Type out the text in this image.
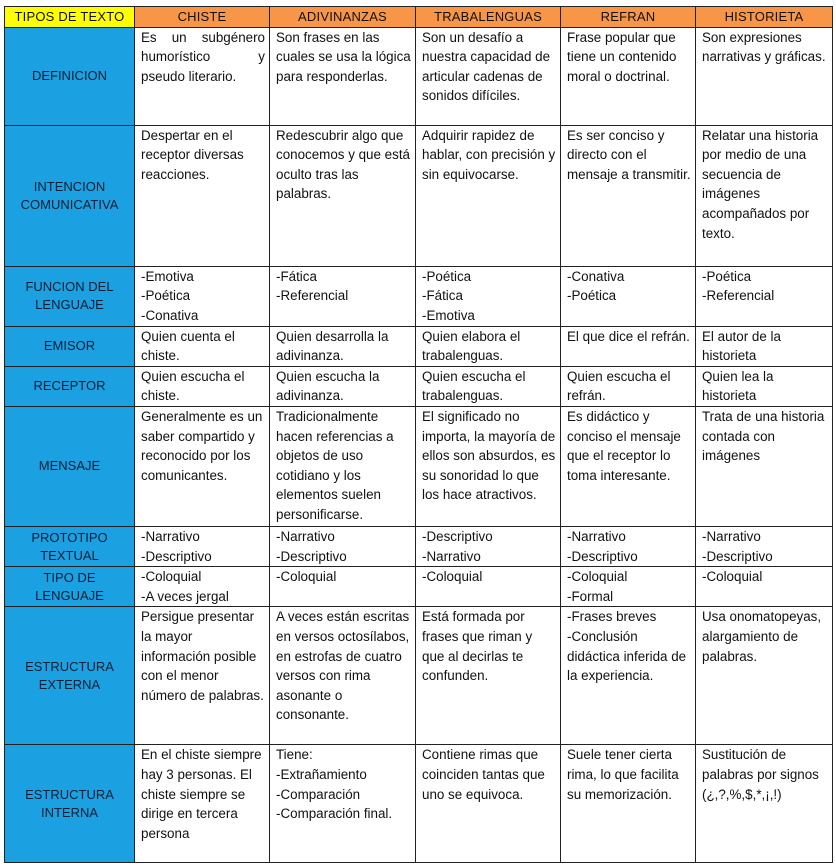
TIPOS DE TEXTO	CHISTE	ADIVINANZAS	TRABALENGUAS	REFRAN	HISTORIETA

DEFINICION	Es un subgénero humorístico y pseudo literario.	Son frases en las cuales se usa la lógica para responderlas.	Son un desafío a nuestra capacidad de articular cadenas de sonidos difíciles.	Frase popular que tiene un contenido moral o doctrinal.	Son expresiones narrativas y gráficas.

INTENCION
COMUNICATIVA	Despertar en el receptor diversas reacciones.	Redescubrir algo que conocemos y que está oculto tras las palabras.	Adquirir rapidez de hablar, con precisión y sin equivocarse.	Es ser conciso y directo con el mensaje a transmitir.	Relatar una historia por medio de una secuencia de imágenes acompañados por texto.

FUNCION DEL
LENGUAJE	-Emotiva
-Poética
-Conativa	-Fática
-Referencial	-Poética
-Fática
-Emotiva	-Conativa
-Poética	-Poética
-Referencial

EMISOR	Quien cuenta el chiste.	Quien desarrolla la adivinanza.	Quien elabora el trabalenguas.	El que dice el refrán.	El autor de la historieta

RECEPTOR	Quien escucha el chiste.	Quien escucha la adivinanza.	Quien escucha el trabalenguas.	Quien escucha el refrán.	Quien lea la historieta

MENSAJE	Generalmente es un saber compartido y reconocido por los comunicantes.	Tradicionalmente hacen referencias a objetos de uso cotidiano y los elementos suelen personificarse.	El significado no importa, la mayoría de ellos son absurdos, es su sonoridad lo que los hace atractivos.	Es didáctico y conciso el mensaje que el receptor lo toma interesante.	Trata de una historia contada con imágenes

PROTOTIPO
TEXTUAL	-Narrativo
-Descriptivo	-Narrativo
-Descriptivo	-Descriptivo
-Narrativo	-Narrativo
-Descriptivo	-Narrativo
-Descriptivo

TIPO DE
LENGUAJE	-Coloquial
-A veces jergal	-Coloquial	-Coloquial	-Coloquial
-Formal	-Coloquial

ESTRUCTURA
EXTERNA	Persigue presentar la mayor información posible con el menor número de palabras.	A veces están escritas en versos octosílabos, en estrofas de cuatro versos con rima asonante o consonante.	Está formada por frases que riman y que al decirlas te confunden.	-Frases breves
-Conclusión didáctica inferida de la experiencia.	Usa onomatopeyas, alargamiento de palabras.

ESTRUCTURA
INTERNA	En el chiste siempre hay 3 personas. El chiste siempre se dirige en tercera persona	Tiene:
-Extrañamiento
-Comparación
-Comparación final.	Contiene rimas que coinciden tantas que uno se equivoca.	Suele tener cierta rima, lo que facilita su memorización.	Sustitución de palabras por signos (¿,?,%,$,*,¡,!)
